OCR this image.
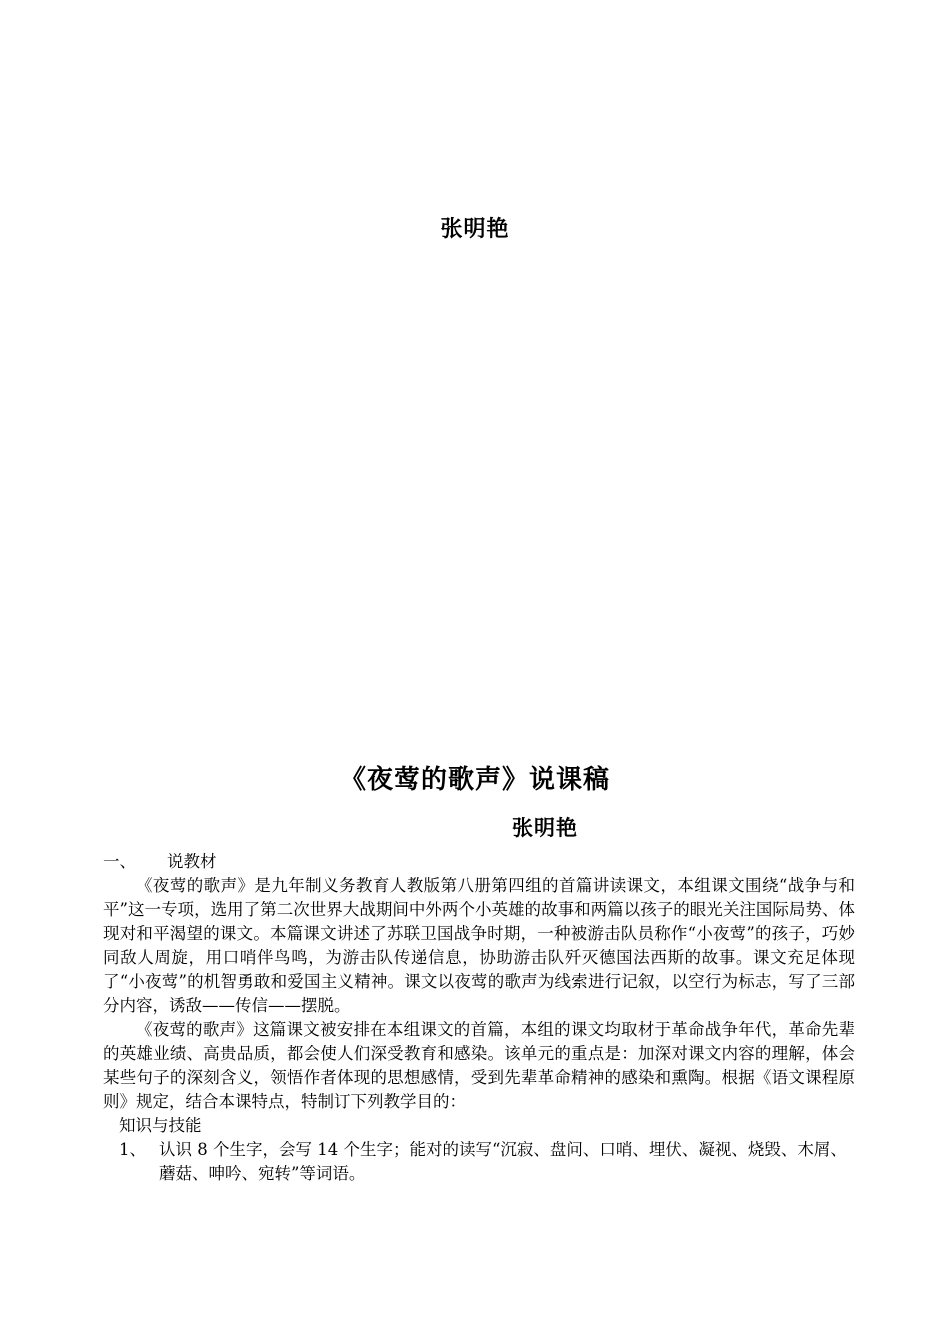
张明艳
《夜莺的歌声》说课稿
张明艳

一、	说教材

《夜莺的歌声》是九年制义务教育人教版第八册第四组的首篇讲读课文，本组课文围绕“战争与和平”这一专项，选用了第二次世界大战期间中外两个小英雄的故事和两篇以孩子的眼光关注国际局势、体现对和平渴望的课文。本篇课文讲述了苏联卫国战争时期，一种被游击队员称作“小夜莺”的孩子，巧妙同敌人周旋，用口哨伴鸟鸣，为游击队传递信息，协助游击队歼灭德国法西斯的故事。课文充足体现了“小夜莺”的机智勇敢和爱国主义精神。课文以夜莺的歌声为线索进行记叙，以空行为标志，写了三部分内容，诱敌——传信——摆脱。

《夜莺的歌声》这篇课文被安排在本组课文的首篇，本组的课文均取材于革命战争年代，革命先辈的英雄业绩、高贵品质，都会使人们深受教育和感染。该单元的重点是：加深对课文内容的理解，体会某些句子的深刻含义，领悟作者体现的思想感情，受到先辈革命精神的感染和熏陶。根据《语文课程原则》规定，结合本课特点，特制订下列教学目的：

知识与技能

1、 认识 8 个生字，会写 14 个生字；能对的读写“沉寂、盘问、口哨、埋伏、凝视、烧毁、木屑、蘑菇、呻吟、宛转”等词语。
